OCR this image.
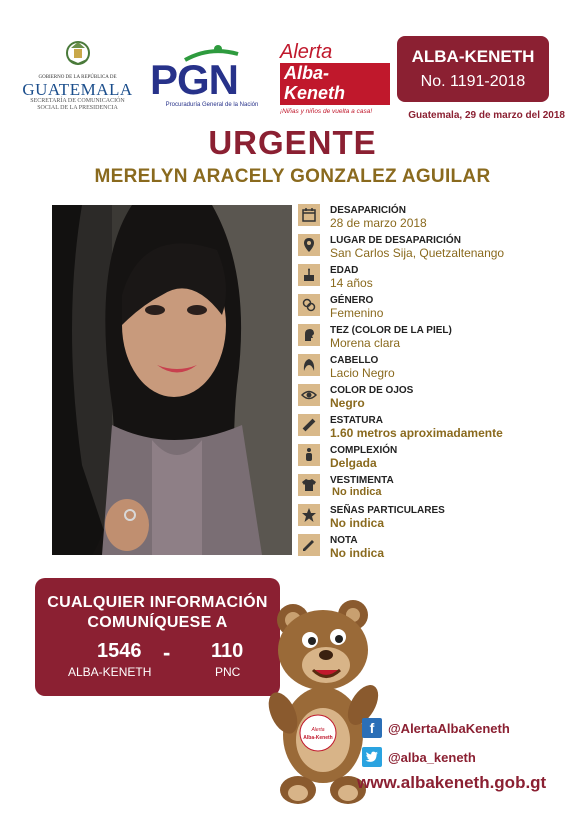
GOBIERNO DE LA REPÚBLICA DE
GUATEMALA
SECRETARÍA DE COMUNICACIÓN
SOCIAL DE LA PRESIDENCIA
PGN
Procuraduría General de la Nación
Alerta
Alba-Keneth
¡Niñas y niños de vuelta a casa!
ALBA-KENETH
No. 1191-2018
Guatemala, 29 de marzo del 2018
URGENTE
MERELYN ARACELY GONZALEZ AGUILAR
DESAPARICIÓN
28 de marzo 2018
LUGAR DE DESAPARICIÓN
San Carlos Sija, Quetzaltenango
EDAD
14 años
GÉNERO
Femenino
TEZ (COLOR DE LA PIEL)
Morena clara
CABELLO
Lacio Negro
COLOR DE OJOS
Negro
ESTATURA
1.60 metros aproximadamente
COMPLEXIÓN
Delgada
VESTIMENTA
No indica
SEÑAS PARTICULARES
No indica
NOTA
No indica
CUALQUIER INFORMACIÓN
COMUNÍQUESE A
1546 - 110
ALBA-KENETH	PNC
Alerta
Alba-Keneth
f	@AlertaAlbaKeneth
@alba_keneth
www.albakeneth.gob.gt
